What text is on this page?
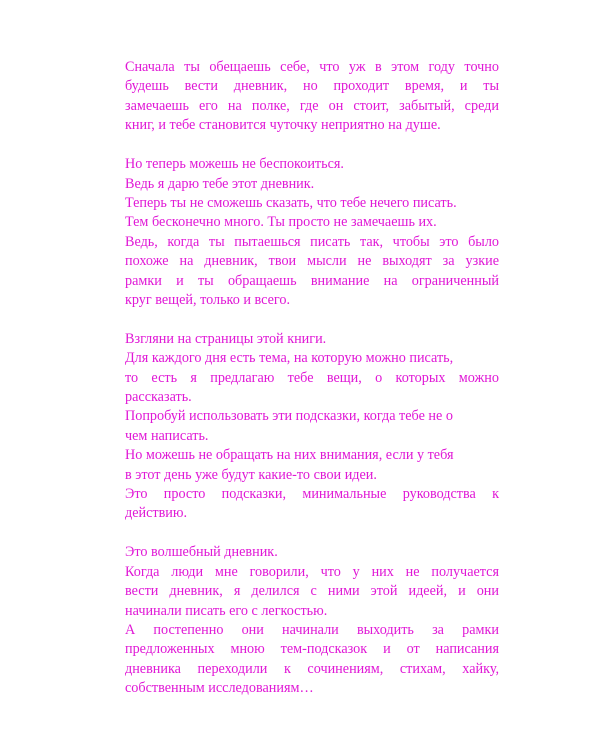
Сначала ты обещаешь себе, что уж в этом году точно
будешь вести дневник, но проходит время, и ты
замечаешь его на полке, где он стоит, забытый, среди
книг, и тебе становится чуточку неприятно на душе.
Но теперь можешь не беспокоиться.
Ведь я дарю тебе этот дневник.
Теперь ты не сможешь сказать, что тебе нечего писать.
Тем бесконечно много. Ты просто не замечаешь их.
Ведь, когда ты пытаешься писать так, чтобы это было
похоже на дневник, твои мысли не выходят за узкие
рамки и ты обращаешь внимание на ограниченный
круг вещей, только и всего.
Взгляни на страницы этой книги.
Для каждого дня есть тема, на которую можно писать,
то есть я предлагаю тебе вещи, о которых можно
рассказать.
Попробуй использовать эти подсказки, когда тебе не о
чем написать.
Но можешь не обращать на них внимания, если у тебя
в этот день уже будут какие-то свои идеи.
Это просто подсказки, минимальные руководства к
действию.
Это волшебный дневник.
Когда люди мне говорили, что у них не получается
вести дневник, я делился с ними этой идеей, и они
начинали писать его с легкостью.
А постепенно они начинали выходить за рамки
предложенных мною тем-подсказок и от написания
дневника переходили к сочинениям, стихам, хайку,
собственным исследованиям…
